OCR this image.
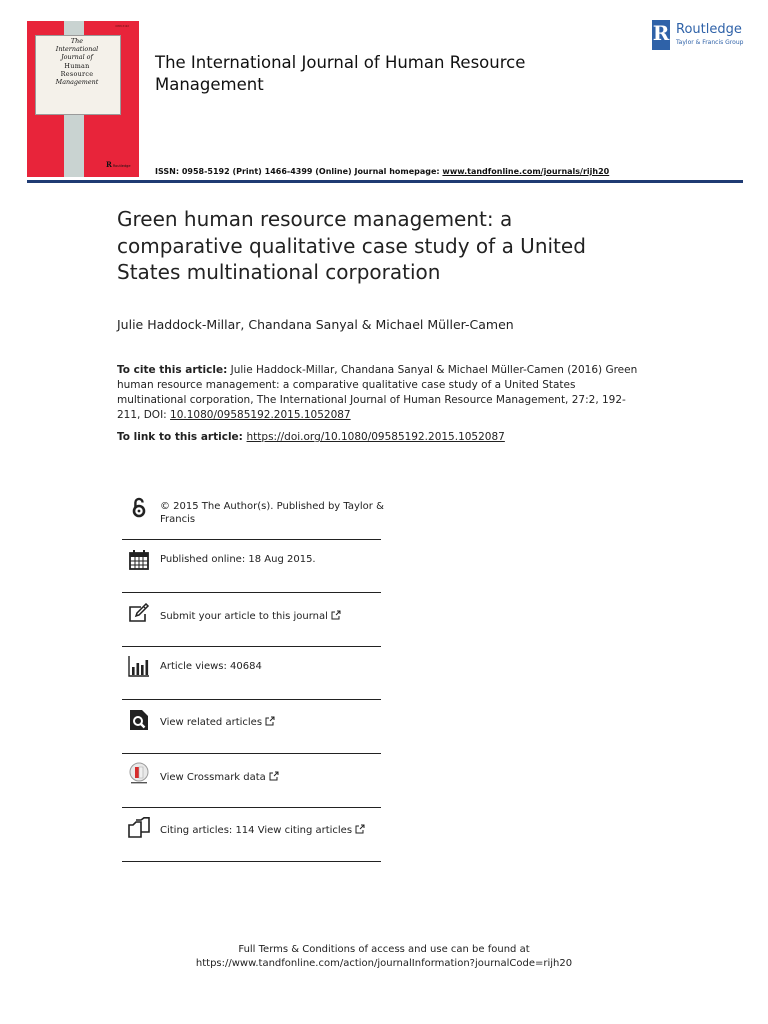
The
International
Journal of
Human
Resource
Management
0958-5192
RRoutledge
The International Journal of Human Resource Management
R Routledge
Taylor & Francis Group
ISSN: 0958-5192 (Print) 1466-4399 (Online) Journal homepage: www.tandfonline.com/journals/rijh20
Green human resource management: a comparative qualitative case study of a United States multinational corporation
Julie Haddock-Millar, Chandana Sanyal & Michael Müller-Camen
To cite this article: Julie Haddock-Millar, Chandana Sanyal & Michael Müller-Camen (2016) Green human resource management: a comparative qualitative case study of a United States multinational corporation, The International Journal of Human Resource Management, 27:2, 192-211, DOI: 10.1080/09585192.2015.1052087
To link to this article: https://doi.org/10.1080/09585192.2015.1052087
© 2015 The Author(s). Published by Taylor &
Francis
Published online: 18 Aug 2015.
Submit your article to this journal
Article views: 40684
View related articles
View Crossmark data
Citing articles: 114 View citing articles
Full Terms & Conditions of access and use can be found at
https://www.tandfonline.com/action/journalInformation?journalCode=rijh20
